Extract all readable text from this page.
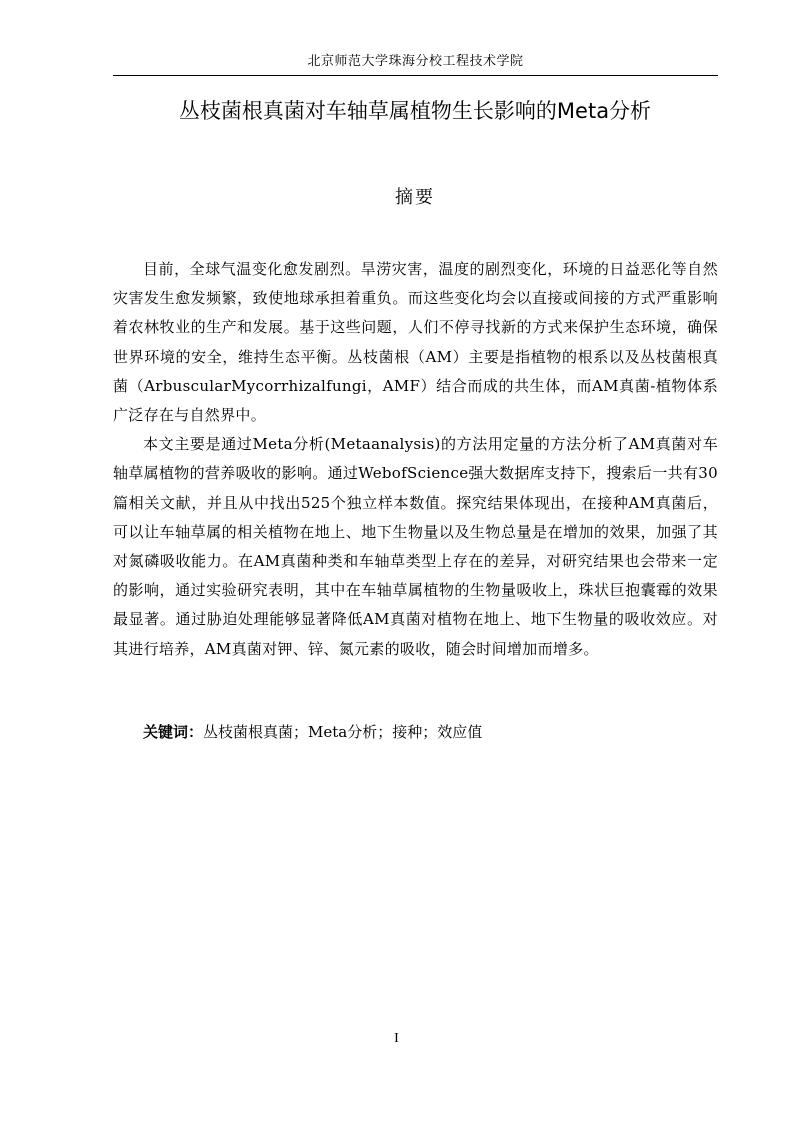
北京师范大学珠海分校工程技术学院
丛枝菌根真菌对车轴草属植物生长影响的Meta分析
摘要

目前，全球气温变化愈发剧烈。旱涝灾害，温度的剧烈变化，环境的日益恶化等自然灾害发生愈发频繁，致使地球承担着重负。而这些变化均会以直接或间接的方式严重影响着农林牧业的生产和发展。基于这些问题，人们不停寻找新的方式来保护生态环境，确保世界环境的安全，维持生态平衡。丛枝菌根（AM）主要是指植物的根系以及丛枝菌根真菌（ArbuscularMycorrhizalfungi，AMF）结合而成的共生体，而AM真菌-植物体系广泛存在与自然界中。

本文主要是通过Meta分析(Metaanalysis)的方法用定量的方法分析了AM真菌对车轴草属植物的营养吸收的影响。通过WebofScience强大数据库支持下，搜索后一共有30篇相关文献，并且从中找出525个独立样本数值。探究结果体现出，在接种AM真菌后，可以让车轴草属的相关植物在地上、地下生物量以及生物总量是在增加的效果，加强了其对氮磷吸收能力。在AM真菌种类和车轴草类型上存在的差异，对研究结果也会带来一定的影响，通过实验研究表明，其中在车轴草属植物的生物量吸收上，珠状巨抱囊霉的效果最显著。通过胁迫处理能够显著降低AM真菌对植物在地上、地下生物量的吸收效应。对其进行培养，AM真菌对钾、锌、氮元素的吸收，随会时间增加而增多。

关键词：丛枝菌根真菌；Meta分析；接种；效应值
I
